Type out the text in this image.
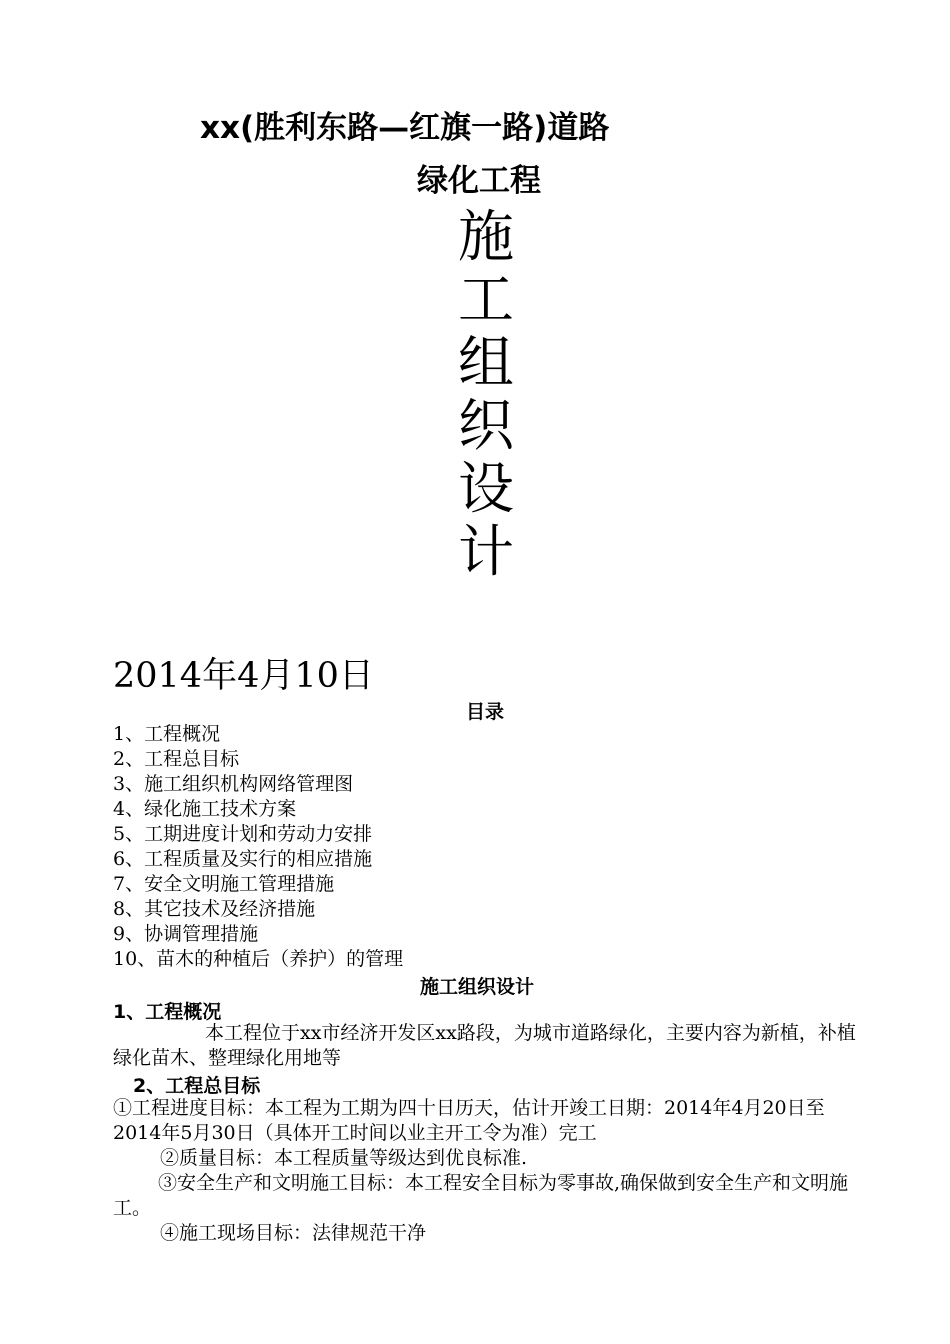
xx(胜利东路—红旗一路)道路
绿化工程
施
工
组
织
设
计
2014年4月10日
目录
1、工程概况
2、工程总目标
3、施工组织机构网络管理图
4、绿化施工技术方案
5、工期进度计划和劳动力安排
6、工程质量及实行的相应措施
7、安全文明施工管理措施
8、其它技术及经济措施
9、协调管理措施
10、苗木的种植后（养护）的管理
施工组织设计
1、工程概况
本工程位于xx市经济开发区xx路段，为城市道路绿化，主要内容为新植，补植绿化苗木、整理绿化用地等
2、工程总目标
①工程进度目标：本工程为工期为四十日历天，估计开竣工日期：2014年4月20日至2014年5月30日（具体开工时间以业主开工令为准）完工
②质量目标：本工程质量等级达到优良标准.
③安全生产和文明施工目标：本工程安全目标为零事故,确保做到安全生产和文明施工。
④施工现场目标：法律规范干净
